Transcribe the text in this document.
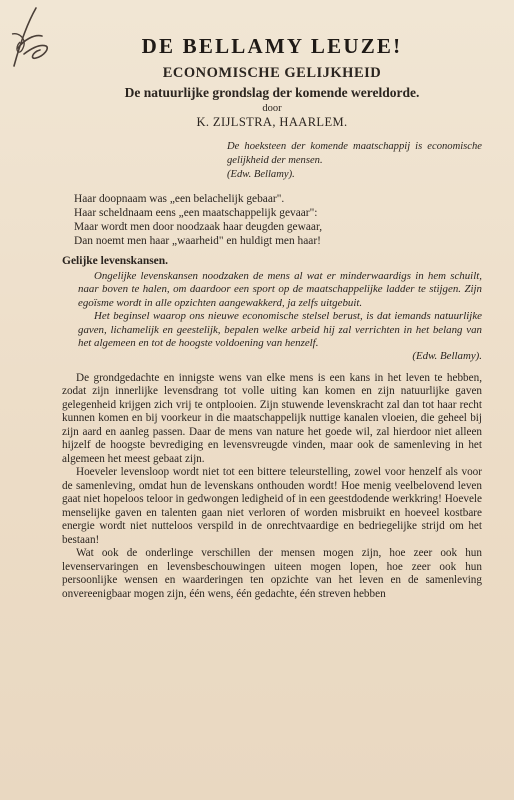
DE BELLAMY LEUZE!
ECONOMISCHE GELIJKHEID
De natuurlijke grondslag der komende wereldorde.
door
K. ZIJLSTRA, HAARLEM.
De hoeksteen der komende maatschappij is economische gelijkheid der mensen.
(Edw. Bellamy).
Haar doopnaam was „een belachelijk gebaar".
Haar scheldnaam eens „een maatschappelijk gevaar":
Maar wordt men door noodzaak haar deugden gewaar,
Dan noemt men haar „waarheid" en huldigt men haar!
Gelijke levenskansen.

Ongelijke levenskansen noodzaken de mens al wat er minderwaardigs in hem schuilt, naar boven te halen, om daardoor een sport op de maatschappelijke ladder te stijgen. Zijn egoïsme wordt in alle opzichten aangewakkerd, ja zelfs uitgebuit.

Het beginsel waarop ons nieuwe economische stelsel berust, is dat iemands natuurlijke gaven, lichamelijk en geestelijk, bepalen welke arbeid hij zal verrichten in het belang van het algemeen en tot de hoogste voldoening van henzelf.

(Edw. Bellamy).

De grondgedachte en innigste wens van elke mens is een kans in het leven te hebben, zodat zijn innerlijke levensdrang tot volle uiting kan komen en zijn natuurlijke gaven gelegenheid krijgen zich vrij te ontplooien. Zijn stuwende levenskracht zal dan tot haar recht kunnen komen en bij voorkeur in die maatschappelijk nuttige kanalen vloeien, die geheel bij zijn aard en aanleg passen. Daar de mens van nature het goede wil, zal hierdoor niet alleen hijzelf de hoogste bevrediging en levensvreugde vinden, maar ook de samenleving in het algemeen het meest gebaat zijn.

Hoeveler levensloop wordt niet tot een bittere teleurstelling, zowel voor henzelf als voor de samenleving, omdat hun de levenskans onthouden wordt! Hoe menig veelbelovend leven gaat niet hopeloos teloor in gedwongen ledigheid of in een geestdodende werkkring! Hoevele menselijke gaven en talenten gaan niet verloren of worden misbruikt en hoeveel kostbare energie wordt niet nutteloos verspild in de onrechtvaardige en bedriegelijke strijd om het bestaan!

Wat ook de onderlinge verschillen der mensen mogen zijn, hoe zeer ook hun levenservaringen en levensbeschouwingen uiteen mogen lopen, hoe zeer ook hun persoonlijke wensen en waarderingen ten opzichte van het leven en de samenleving onvereenigbaar mogen zijn, één wens, één gedachte, één streven hebben
